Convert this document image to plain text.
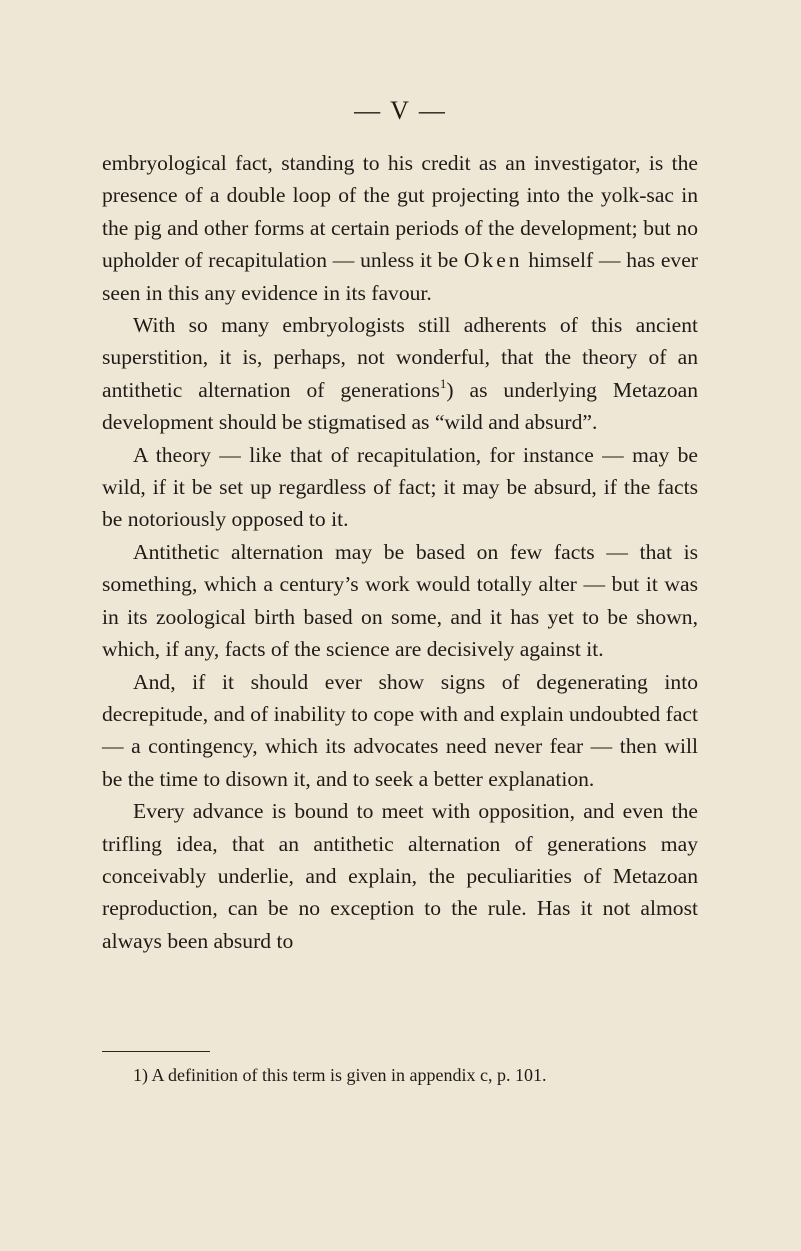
— V —

embryological fact, standing to his credit as an investigator, is the presence of a double loop of the gut projecting into the yolk-sac in the pig and other forms at certain periods of the development; but no upholder of recapitulation — unless it be Oken himself — has ever seen in this any evidence in its favour.

With so many embryologists still adherents of this ancient superstition, it is, perhaps, not wonderful, that the theory of an antithetic alternation of generations$^1$) as underlying Metazoan development should be stigmatised as “wild and absurd”.

A theory — like that of recapitulation, for instance — may be wild, if it be set up regardless of fact; it may be absurd, if the facts be notoriously opposed to it.

Antithetic alternation may be based on few facts — that is something, which a century’s work would totally alter — but it was in its zoological birth based on some, and it has yet to be shown, which, if any, facts of the science are decisively against it.

And, if it should ever show signs of degenerating into decrepitude, and of inability to cope with and explain undoubted fact — a contingency, which its advocates need never fear — then will be the time to disown it, and to seek a better explanation.

Every advance is bound to meet with opposition, and even the trifling idea, that an antithetic alternation of generations may conceivably underlie, and explain, the peculiarities of Metazoan reproduction, can be no exception to the rule. Has it not almost always been absurd to

1) A definition of this term is given in appendix c, p. 101.
